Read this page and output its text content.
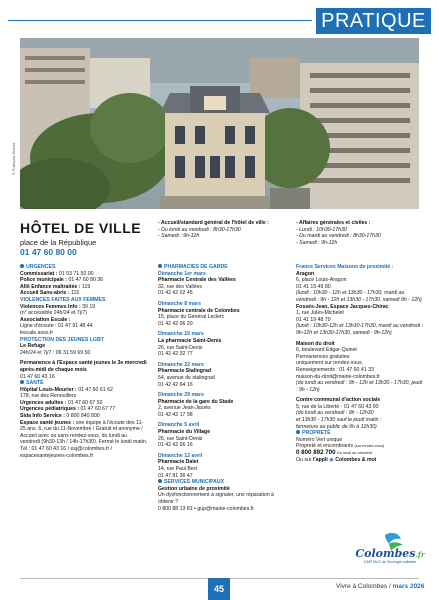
PRATIQUE
© François Ducrot
HÔTEL DE VILLE
place de la République
01 47 60 80 00

- Accueil/standard général de l'hôtel de ville :

- Du lundi au vendredi : 8h30-17h30

- Samedi : 9h-12h

- Affaires générales et civiles :

- Lundi : 10h30-17h30

- Du mardi au vendredi : 8h30-17h30

- Samedi : 9h-12h

URGENCES

Commissariat : 01 53 71 50 00

Police municipale : 01 47 60 80 36

Allô Enfance maltraitée : 119

Accueil Sans-abris : 115

VIOLENCES FAITES AUX FEMMES

Violences Femmes Info : 39 19

(n° accessible 24h/24 et 7j/7)

Association Escale :

Ligne d'écoute : 01 47 91 48 44

lescale.asso.fr

PROTECTION DES JEUNES LGBT

Le Refuge

24h/24 et 7j/7 : 06 31 59 69 50

Permanence à l'Espace santé jeunes le 3e mercredi après-midi de chaque mois

01 47 60 43 16

SANTÉ

Hôpital Louis-Mourier : 01 47 60 61 62

178, rue des Renouillers

Urgences adultes : 01 47 60 67 50

Urgences pédiatriques : 01 47 60 67 77

Sida Info Service : 0 800 840 800

Espace santé jeunes : une équipe à l'écoute des 11-25 ans. 6, rue du 11-Novembre / Gratuit et anonyme / Accueil avec ou sans rendez-vous, du lundi au vendredi (9h30-13h / 14h-17h30). Fermé le lundi matin. Tél : 01 47 60 43 16 / esj@colombes.fr / espacesantejeunes-colombes.fr

PHARMACIES DE GARDE

Dimanche 1er mars

Pharmacie Centrale des Vallées

32, rue des Vallées

01 42 42 02 45

Dimanche 8 mars

Pharmacie centrale de Colombes

15, place du Général Leclerc

01 42 42 06 20

Dimanche 15 mars

La pharmacie Saint-Denis

26, rue Saint-Denis

01 42 42 32 77

Dimanche 22 mars

Pharmacie Stalingrad

54, avenue de stalingrad

01 42 42 64 16

Dimanche 29 mars

Pharmacie de la gare du Stade

2, avenue Jean-Jaurès

01 42 42 17 98

Dimanche 5 avril

Pharmacie du Village

26, rue Saint-Denis

01 42 42 06 16

Dimanche 12 avril

Pharmacie Dalet

14, rue Paul Bert

01 47 81 36 47

SERVICES MUNICIPAUX

Gestion urbaine de proximité

Un dysfonctionnement à signaler, une réparation à obtenir ?

0 800 88 13 81 • gup@mairie-colombes.fr

France Services Maisons de proximité :

Aragon

6, place Louis-Aragon

01 41 19 49 80

(lundi : 10h30 - 12h et 13h30 - 17h30, mardi au vendredi : 9h - 12h et 13h30 - 17h30, samedi 9h - 12h)

Fossés-Jean, Espace Jacques-Chirac

1, rue Jules-Michelet

01 41 19 48 70

(lundi : 10h30-12h et 13h30-17h30, mardi au vendredi : 9h-12h et 13h30-17h30, samedi : 9h-12h)

Maison du droit

6, boulevard Edgar-Quinet

Permanences gratuites

uniquement sur rendez-vous.

Renseignements : 01 47 60 41 33

maison-du-droit@mairie-colombes.fr

(du lundi au vendredi : 9h - 12h et 13h30 - 17h30, jeudi : 9h - 12h)

Contre communal d'action sociale

5, rue de la Liberté - 01 47 60 43 90

(du lundi au vendredi : 9h - 12h30

et 13h30 - 17h30 sauf le jeudi matin :

fermeture au public de 9h à 12h30)

PROPRETÉ

Numéro Vert unique

Propreté et encombrants (sur rendez-vous)

0 800 892 700 Du lundi au vendredi

Ou sur l'appli ◉ Colombes & moi

Colombes.fr
CAPITALE de l'écologie solidaire
45	Vivre à Colombes / mars 2026
